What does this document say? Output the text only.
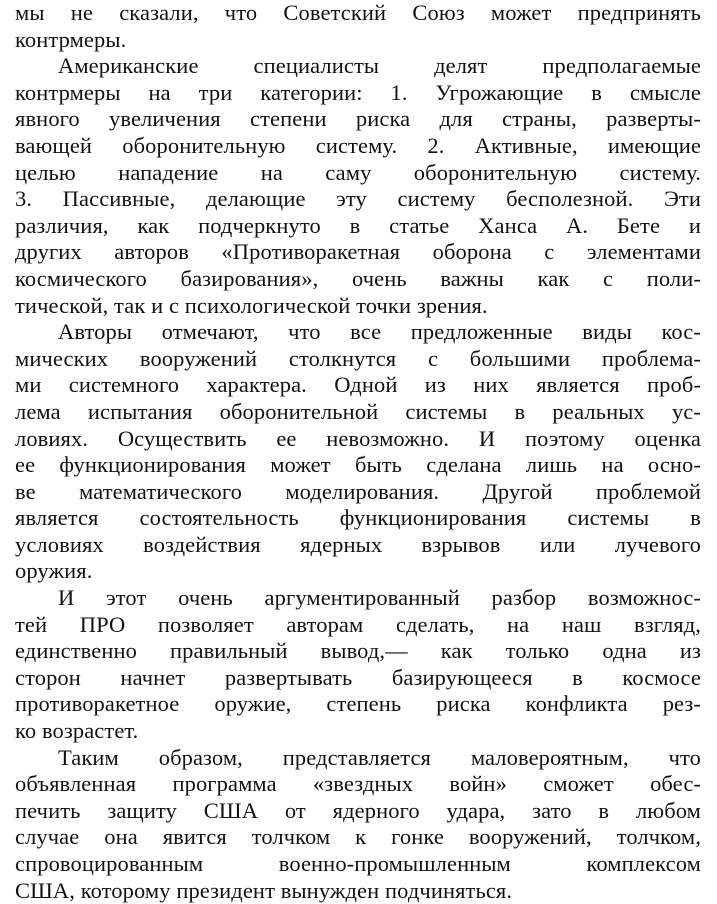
мы не сказали, что Советский Союз может предпринять
контрмеры.
Американские специалисты делят предполагаемые
контрмеры на три категории: 1. Угрожающие в смысле
явного увеличения степени риска для страны, разверты-
вающей оборонительную систему. 2. Активные, имеющие
целью нападение на саму оборонительную систему.
3. Пассивные, делающие эту систему бесполезной. Эти
различия, как подчеркнуто в статье Ханса А. Бете и
других авторов «Противоракетная оборона с элементами
космического базирования», очень важны как с поли-
тической, так и с психологической точки зрения.
Авторы отмечают, что все предложенные виды кос-
мических вооружений столкнутся с большими проблема-
ми системного характера. Одной из них является проб-
лема испытания оборонительной системы в реальных ус-
ловиях. Осуществить ее невозможно. И поэтому оценка
ее функционирования может быть сделана лишь на осно-
ве математического моделирования. Другой проблемой
является состоятельность функционирования системы в
условиях воздействия ядерных взрывов или лучевого
оружия.
И этот очень аргументированный разбор возможнос-
тей ПРО позволяет авторам сделать, на наш взгляд,
единственно правильный вывод,— как только одна из
сторон начнет развертывать базирующееся в космосе
противоракетное оружие, степень риска конфликта рез-
ко возрастет.
Таким образом, представляется маловероятным, что
объявленная программа «звездных войн» сможет обес-
печить защиту США от ядерного удара, зато в любом
случае она явится толчком к гонке вооружений, толчком,
спровоцированным военно-промышленным комплексом
США, которому президент вынужден подчиняться.
